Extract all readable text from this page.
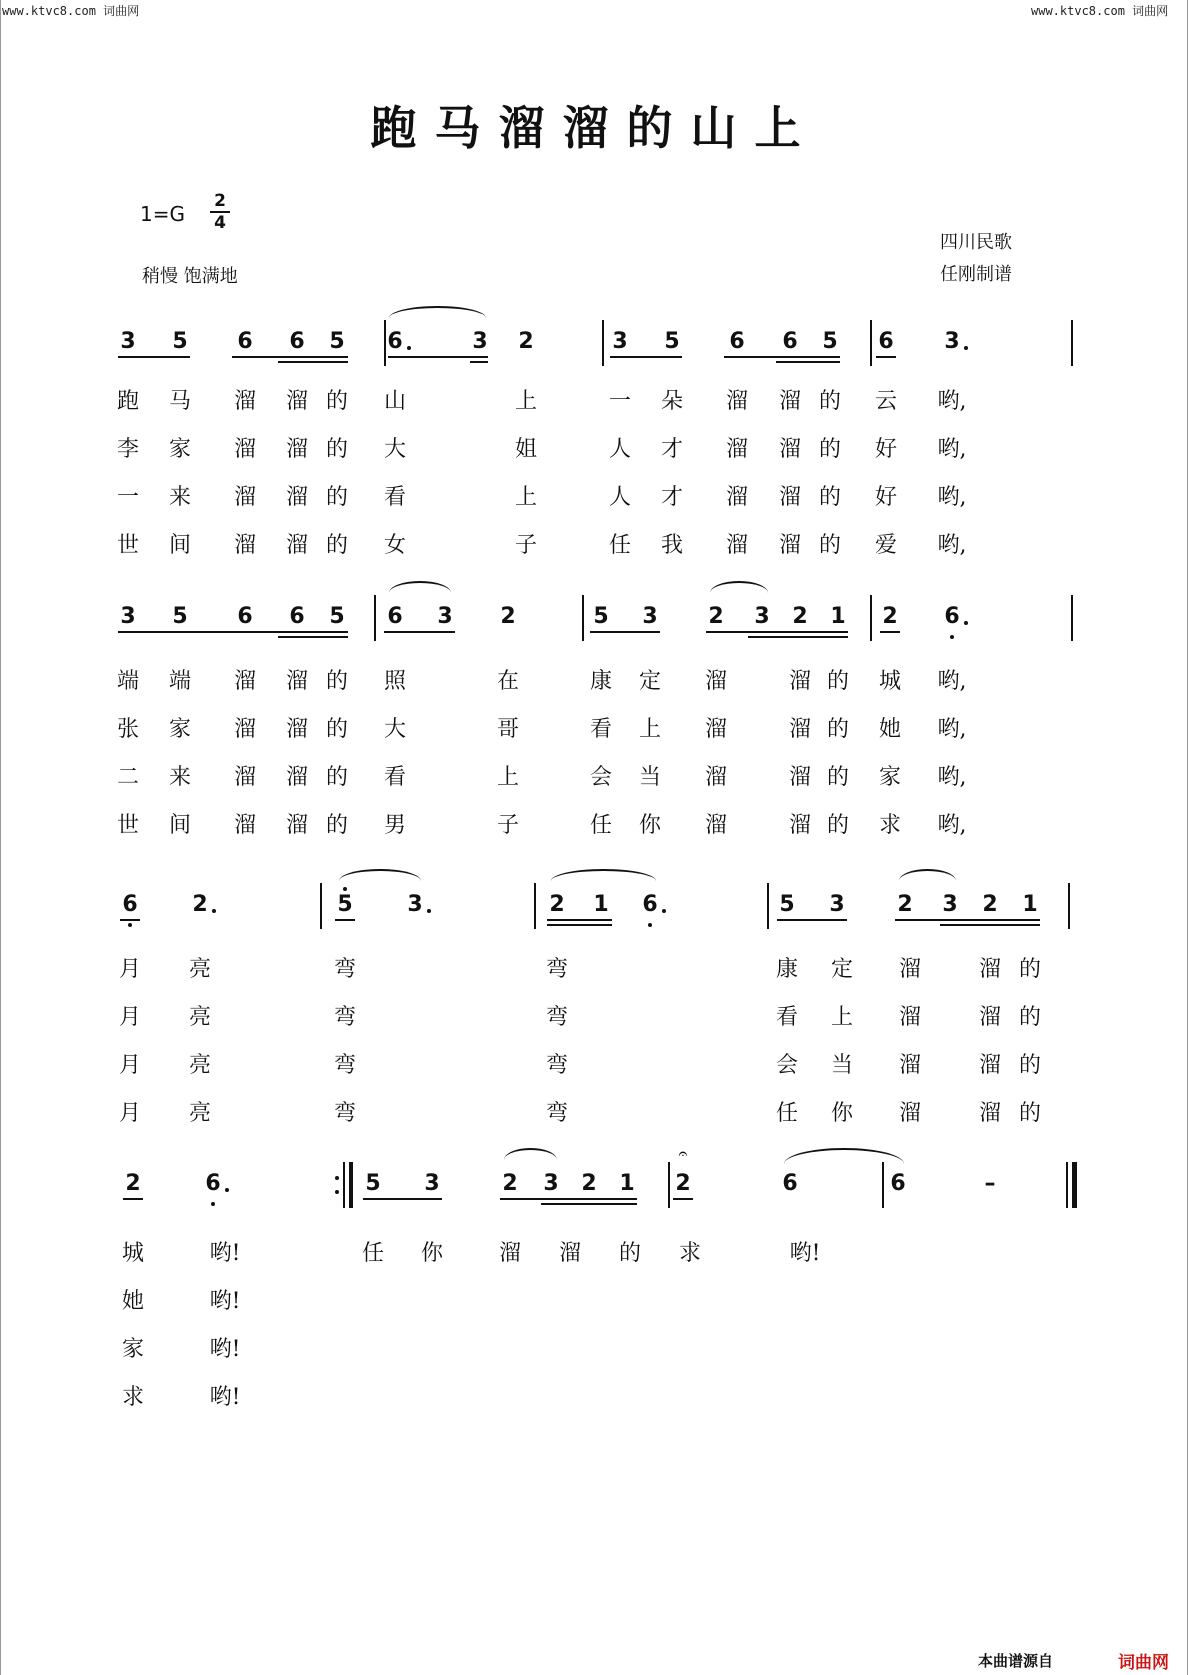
www.ktvc8.com 词曲网	www.ktvc8.com 词曲网
跑马溜溜的山上
1=G
2
4
稍慢 饱满地
四川民歌
任刚制谱
3 5 6 6 5 6	3 2	3 5 6 6 5 6 3
跑 马 溜 溜 的 山	上	一 朵 溜 溜 的 云 哟,
李 家 溜 溜 的 大	姐	人 才 溜 溜 的 好 哟,
一 来 溜 溜 的 看	上	人 才 溜 溜 的 好 哟,
世 间 溜 溜 的 女	子	任 我 溜 溜 的 爱 哟,
3 5 6 6 5 6 3 2	5 3 2 3 2 1 2 6
端 端 溜 溜 的 照	在	康 定 溜	溜 的 城 哟,
张 家 溜 溜 的 大	哥	看 上 溜	溜 的 她 哟,
二 来 溜 溜 的 看	上	会 当 溜	溜 的 家 哟,
世 间 溜 溜 的 男	子	任 你 溜	溜 的 求 哟,
6 2	5 3	2 1 6	5 3 2 3 2 1
月 亮	弯	弯	康 定 溜	溜 的
月 亮	弯	弯	看 上 溜	溜 的
月 亮	弯	弯	会 当 溜	溜 的
月 亮	弯	弯	任 你 溜	溜 的
2	6	5 3	2 3 2 1 2	6	6	–
𝄐
城	哟!	任 你	溜 溜 的 求	哟!
她	哟!
家	哟!
求	哟!
本曲谱源自	词曲网
